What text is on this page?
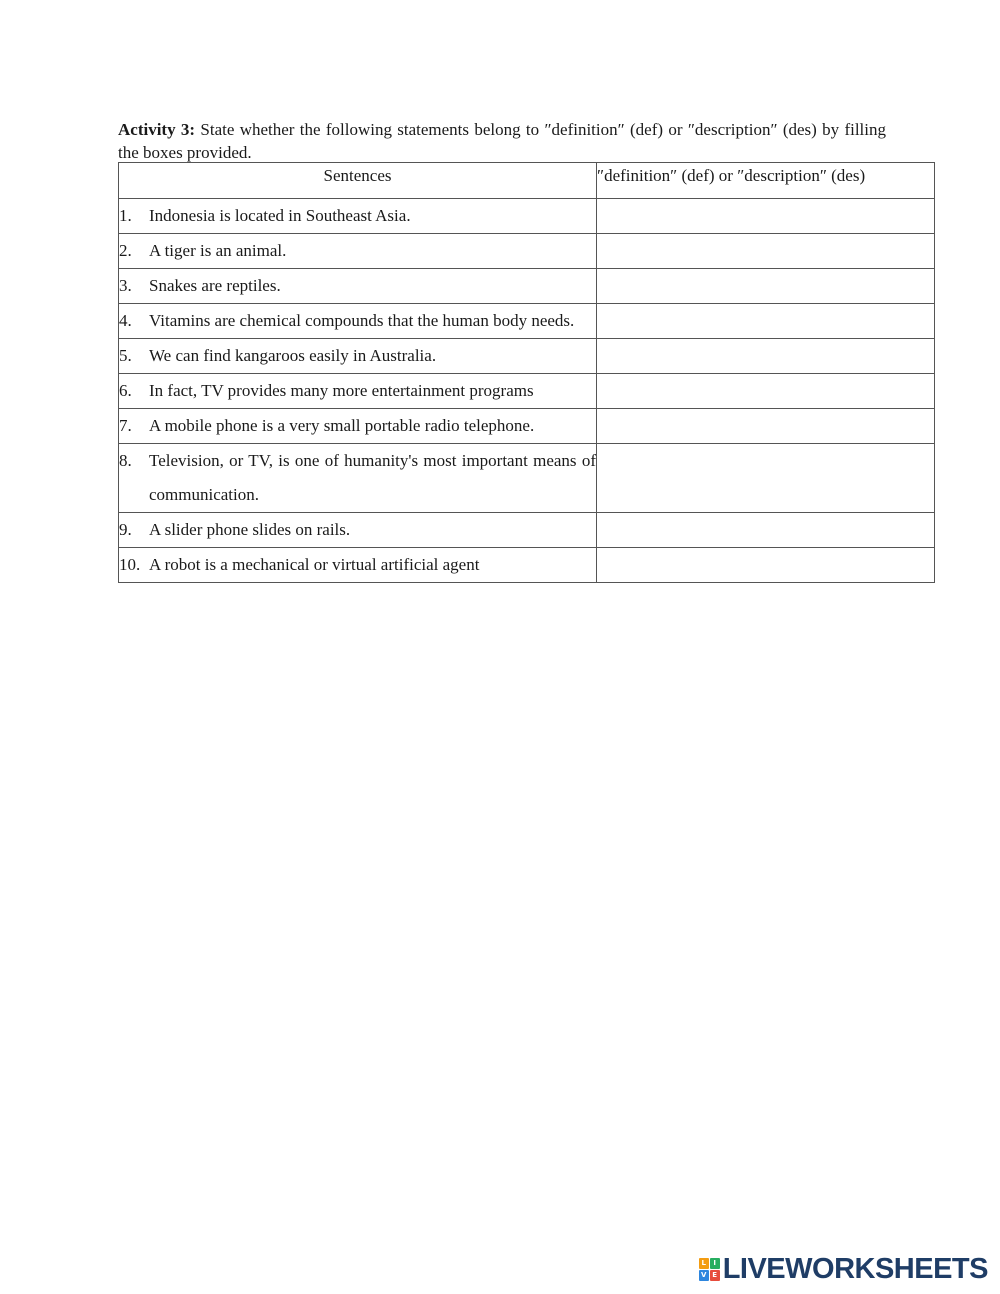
Activity 3: State whether the following statements belong to ″definition″ (def) or ″description″ (des) by filling the boxes provided.
Sentences	″definition″ (def) or ″description″ (des)

1. Indonesia is located in Southeast Asia.	

2. A tiger is an animal.	

3. Snakes are reptiles.	

4. Vitamins are chemical compounds that the human body needs.	

5. We can find kangaroos easily in Australia.	

6. In fact, TV provides many more entertainment programs	

7. A mobile phone is a very small portable radio telephone.	

8. Television, or TV, is one of humanity's most important means of communication.	

9. A slider phone slides on rails.	

10. A robot is a mechanical or virtual artificial agent	

L	I
V E LIVEWORKSHEETS
